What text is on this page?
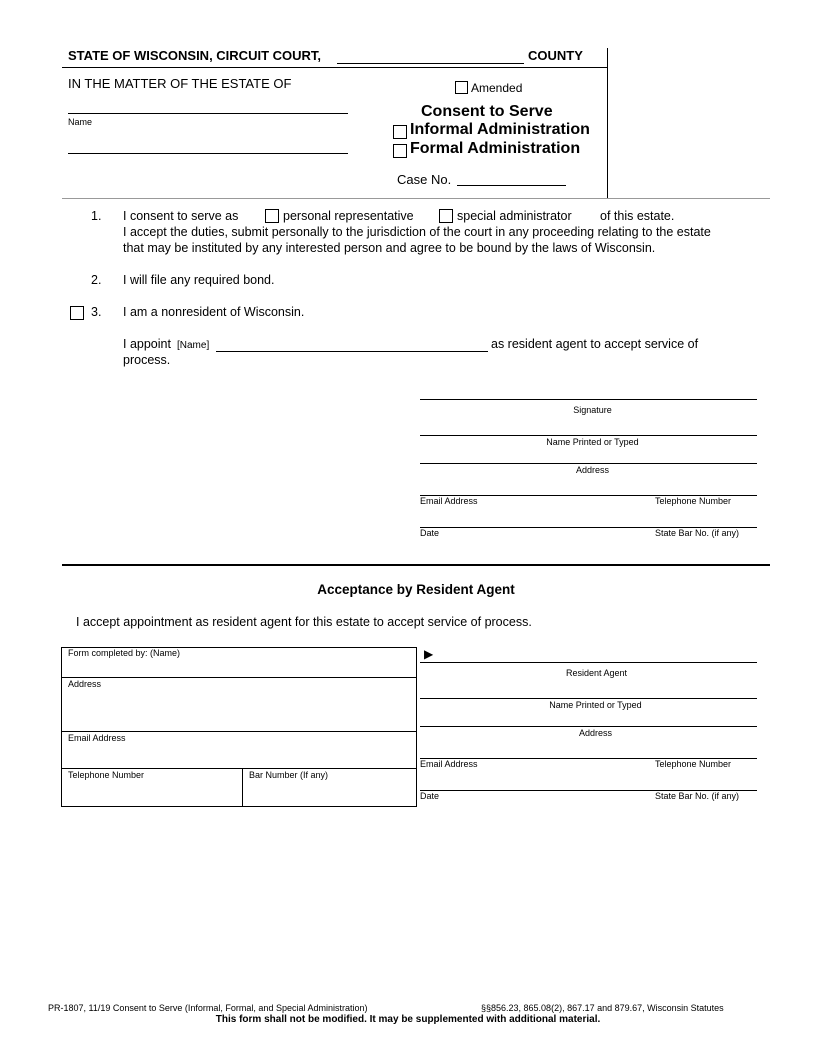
STATE OF WISCONSIN, CIRCUIT COURT,	COUNTY
IN THE MATTER OF THE ESTATE OF
Name
Amended
Consent to Serve
Informal Administration
Formal Administration
Case No.
1. I consent to serve as	personal representative	special administrator of this estate.
I accept the duties, submit personally to the jurisdiction of the court in any proceeding relating to the estate
that may be instituted by any interested person and agree to be bound by the laws of Wisconsin.
2. I will file any required bond.
3. I am a nonresident of Wisconsin.
I appoint [Name]	as resident agent to accept service of
process.
Signature
Name Printed or Typed
Address
Email Address	Telephone Number
Date	State Bar No. (if any)
Acceptance by Resident Agent
I accept appointment as resident agent for this estate to accept service of process.
Form completed by: (Name)
Address
Email Address
Telephone Number	Bar Number (If any)
▶
Resident Agent
Name Printed or Typed
Address
Email Address	Telephone Number
Date	State Bar No. (if any)
PR-1807, 11/19 Consent to Serve (Informal, Formal, and Special Administration)	§§856.23, 865.08(2), 867.17 and 879.67, Wisconsin Statutes
This form shall not be modified. It may be supplemented with additional material.
